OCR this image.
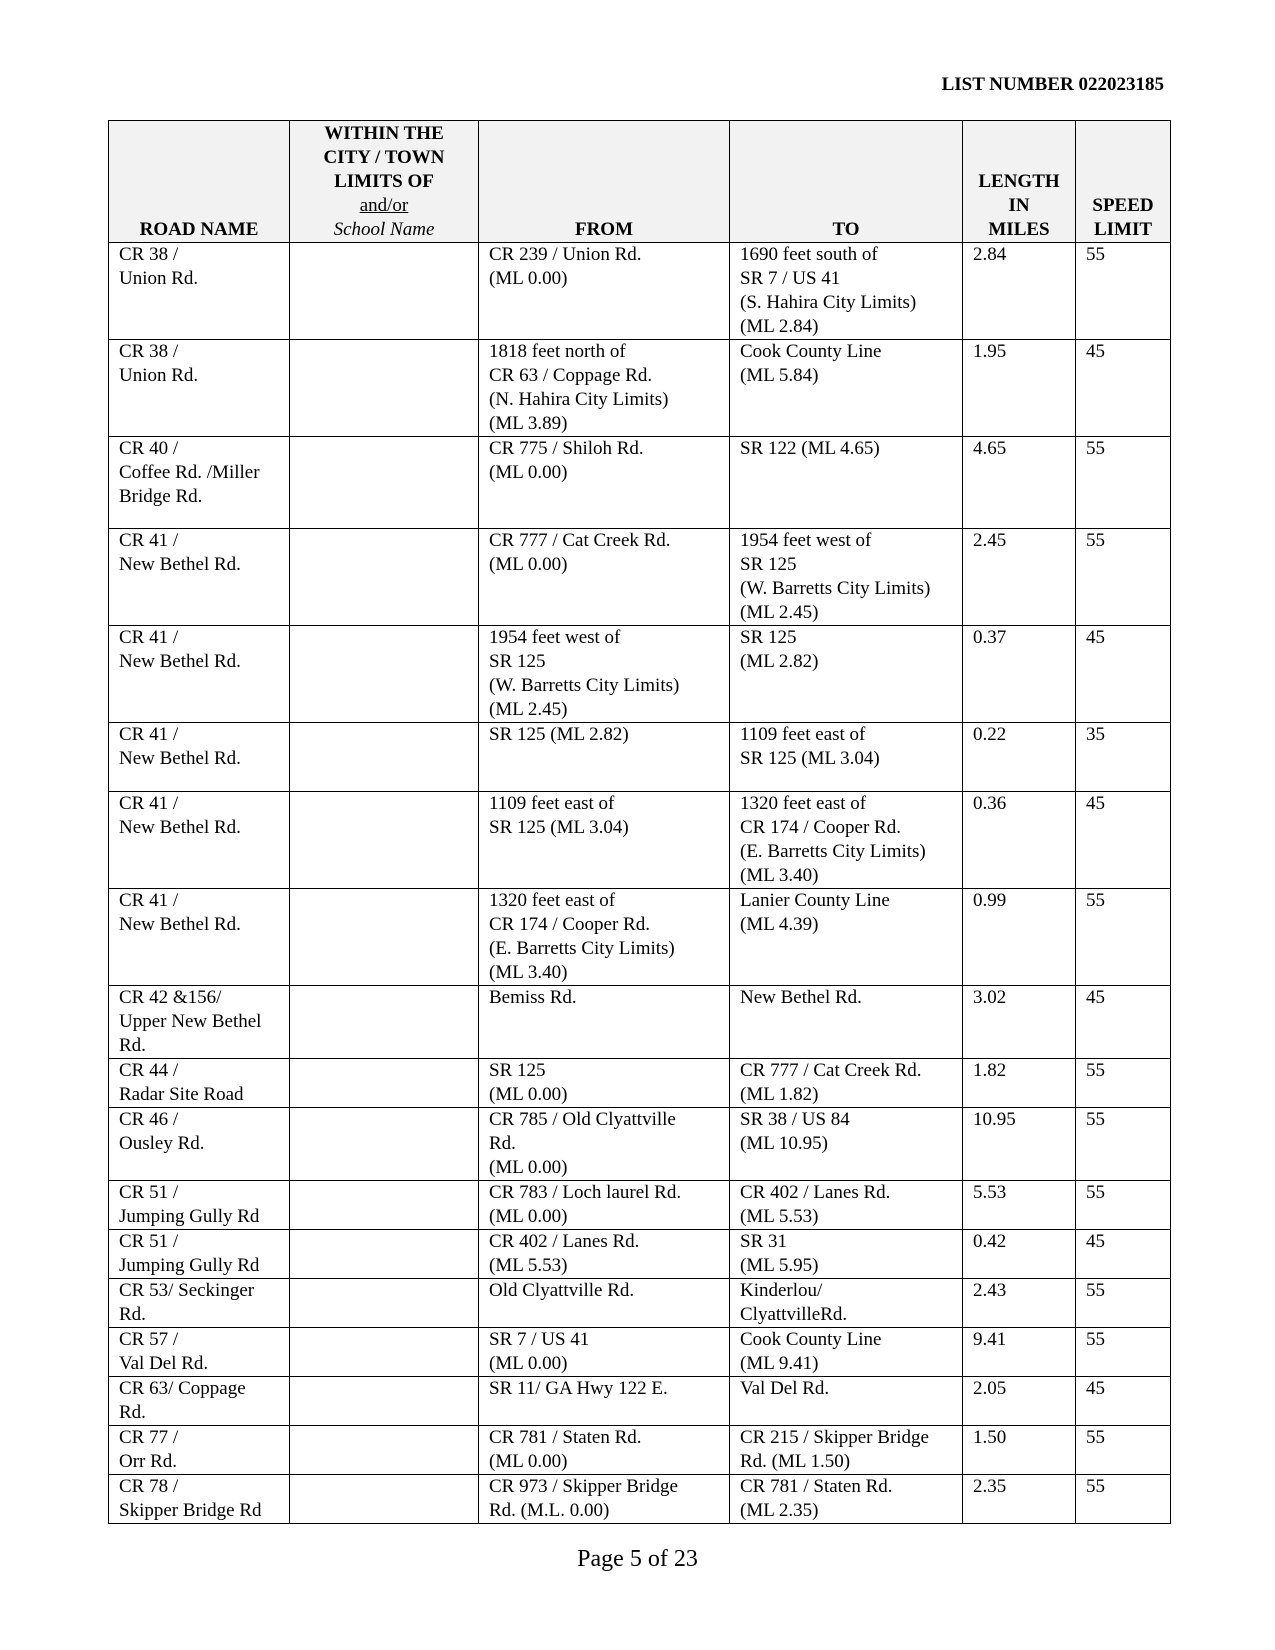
LIST NUMBER 022023185
ROAD NAME	WITHIN THE
CITY / TOWN
LIMITS OF
and/or
School Name	FROM	TO	LENGTH
IN
MILES	SPEED
LIMIT

CR 38 /
Union Rd.		CR 239 / Union Rd.
(ML 0.00)	1690 feet south of
SR 7 / US 41
(S. Hahira City Limits)
(ML 2.84)	2.84	55

CR 38 /
Union Rd.		1818 feet north of
CR 63 / Coppage Rd.
(N. Hahira City Limits)
(ML 3.89)	Cook County Line
(ML 5.84)	1.95	45

CR 40 /
Coffee Rd. /Miller
Bridge Rd.		CR 775 / Shiloh Rd.
(ML 0.00)	SR 122 (ML 4.65)	4.65	55

CR 41 /
New Bethel Rd.		CR 777 / Cat Creek Rd.
(ML 0.00)	1954 feet west of
SR 125
(W. Barretts City Limits)
(ML 2.45)	2.45	55

CR 41 /
New Bethel Rd.		1954 feet west of
SR 125
(W. Barretts City Limits)
(ML 2.45)	SR 125
(ML 2.82)	0.37	45

CR 41 /
New Bethel Rd.		SR 125 (ML 2.82)	1109 feet east of
SR 125 (ML 3.04)	0.22	35

CR 41 /
New Bethel Rd.		1109 feet east of
SR 125 (ML 3.04)	1320 feet east of
CR 174 / Cooper Rd.
(E. Barretts City Limits)
(ML 3.40)	0.36	45

CR 41 /
New Bethel Rd.		1320 feet east of
CR 174 / Cooper Rd.
(E. Barretts City Limits)
(ML 3.40)	Lanier County Line
(ML 4.39)	0.99	55

CR 42 &156/
Upper New Bethel
Rd.		Bemiss Rd.	New Bethel Rd.	3.02	45

CR 44 /
Radar Site Road		SR 125
(ML 0.00)	CR 777 / Cat Creek Rd.
(ML 1.82)	1.82	55

CR 46 /
Ousley Rd.		CR 785 / Old Clyattville
Rd.
(ML 0.00)	SR 38 / US 84
(ML 10.95)	10.95	55

CR 51 /
Jumping Gully Rd		CR 783 / Loch laurel Rd.
(ML 0.00)	CR 402 / Lanes Rd.
(ML 5.53)	5.53	55

CR 51 /
Jumping Gully Rd		CR 402 / Lanes Rd.
(ML 5.53)	SR 31
(ML 5.95)	0.42	45

CR 53/ Seckinger
Rd.		Old Clyattville Rd.	Kinderlou/
ClyattvilleRd.	2.43	55

CR 57 /
Val Del Rd.		SR 7 / US 41
(ML 0.00)	Cook County Line
(ML 9.41)	9.41	55

CR 63/ Coppage
Rd.		SR 11/ GA Hwy 122 E.	Val Del Rd.	2.05	45

CR 77 /
Orr Rd.		CR 781 / Staten Rd.
(ML 0.00)	CR 215 / Skipper Bridge
Rd. (ML 1.50)	1.50	55

CR 78 /
Skipper Bridge Rd		CR 973 / Skipper Bridge
Rd. (M.L. 0.00)	CR 781 / Staten Rd.
(ML 2.35)	2.35	55
Page 5 of 23
